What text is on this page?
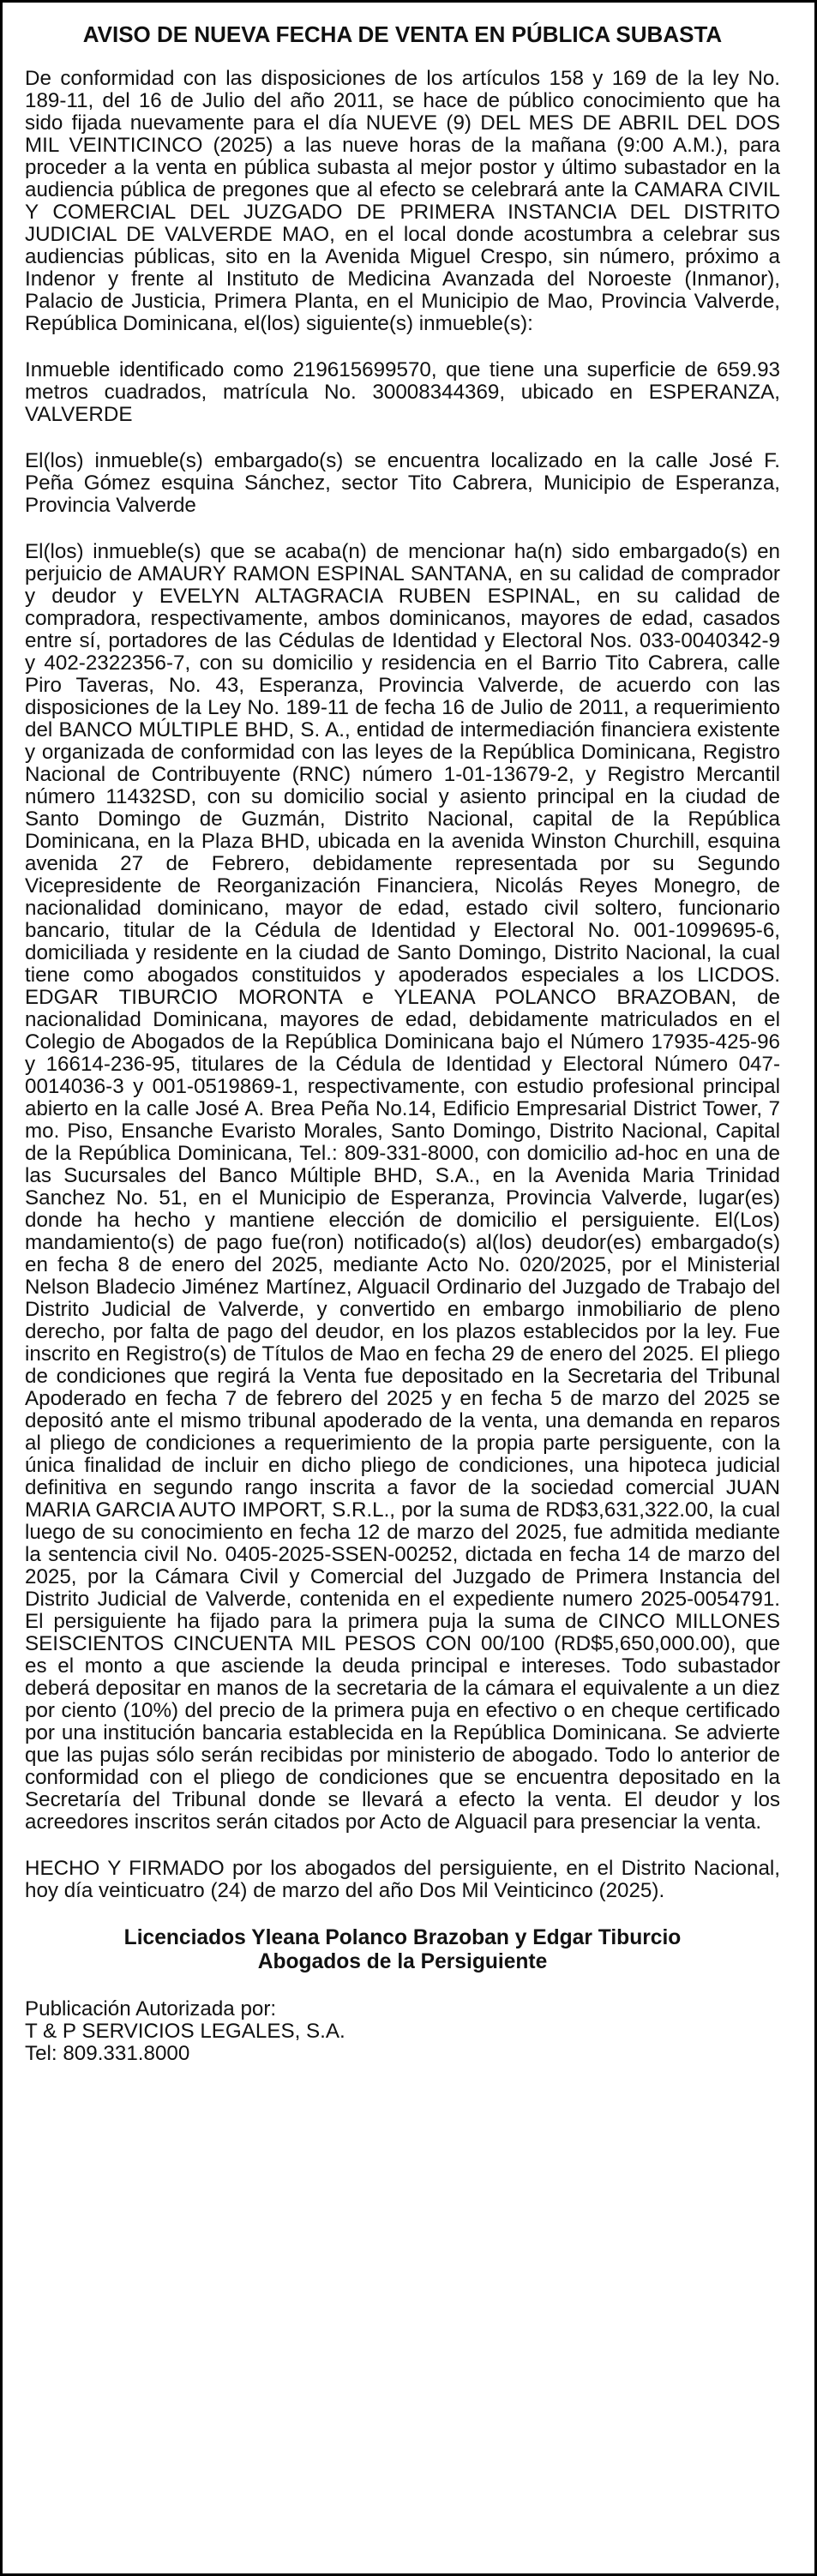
AVISO DE NUEVA FECHA DE VENTA EN PÚBLICA SUBASTA

De conformidad con las disposiciones de los artículos 158 y 169 de la ley No. 189-11, del 16 de Julio del año 2011, se hace de público conocimiento que ha sido fijada nuevamente para el día NUEVE (9) DEL MES DE ABRIL DEL DOS MIL VEINTICINCO (2025) a las nueve horas de la mañana (9:00 A.M.), para proceder a la venta en pública subasta al mejor postor y último subastador en la audiencia pública de pregones que al efecto se celebrará ante la CAMARA CIVIL Y COMERCIAL DEL JUZGADO DE PRIMERA INSTANCIA DEL DISTRITO JUDICIAL DE VALVERDE MAO, en el local donde acostumbra a celebrar sus audiencias públicas, sito en la Avenida Miguel Crespo, sin número, próximo a Indenor y frente al Instituto de Medicina Avanzada del Noroeste (Inmanor), Palacio de Justicia, Primera Planta, en el Municipio de Mao, Provincia Valverde, República Dominicana, el(los) siguiente(s) inmueble(s):

Inmueble identificado como 219615699570, que tiene una superficie de 659.93 metros cuadrados, matrícula No. 30008344369, ubicado en ESPERANZA, VALVERDE

El(los) inmueble(s) embargado(s) se encuentra localizado en la calle José F. Peña Gómez esquina Sánchez, sector Tito Cabrera, Municipio de Esperanza, Provincia Valverde

El(los) inmueble(s) que se acaba(n) de mencionar ha(n) sido embargado(s) en perjuicio de AMAURY RAMON ESPINAL SANTANA, en su calidad de comprador y deudor y EVELYN ALTAGRACIA RUBEN ESPINAL, en su calidad de compradora, respectivamente, ambos dominicanos, mayores de edad, casados entre sí, portadores de las Cédulas de Identidad y Electoral Nos. 033-0040342-9 y 402-2322356-7, con su domicilio y residencia en el Barrio Tito Cabrera, calle Piro Taveras, No. 43, Esperanza, Provincia Valverde, de acuerdo con las disposiciones de la Ley No. 189-11 de fecha 16 de Julio de 2011, a requerimiento del BANCO MÚLTIPLE BHD, S. A., entidad de intermediación financiera existente y organizada de conformidad con las leyes de la República Dominicana, Registro Nacional de Contribuyente (RNC) número 1-01-13679-2, y Registro Mercantil número 11432SD, con su domicilio social y asiento principal en la ciudad de Santo Domingo de Guzmán, Distrito Nacional, capital de la República Dominicana, en la Plaza BHD, ubicada en la avenida Winston Churchill, esquina avenida 27 de Febrero, debidamente representada por su Segundo Vicepresidente de Reorganización Financiera, Nicolás Reyes Monegro, de nacionalidad dominicano, mayor de edad, estado civil soltero, funcionario bancario, titular de la Cédula de Identidad y Electoral No. 001-1099695-6, domiciliada y residente en la ciudad de Santo Domingo, Distrito Nacional, la cual tiene como abogados constituidos y apoderados especiales a los LICDOS. EDGAR TIBURCIO MORONTA e YLEANA POLANCO BRAZOBAN, de nacionalidad Dominicana, mayores de edad, debidamente matriculados en el Colegio de Abogados de la República Dominicana bajo el Número 17935-425-96 y 16614-236-95, titulares de la Cédula de Identidad y Electoral Número 047-0014036-3 y 001-0519869-1, respectivamente, con estudio profesional principal abierto en la calle José A. Brea Peña No.14, Edificio Empresarial District Tower, 7 mo. Piso, Ensanche Evaristo Morales, Santo Domingo, Distrito Nacional, Capital de la República Dominicana, Tel.: 809-331-8000, con domicilio ad-hoc en una de las Sucursales del Banco Múltiple BHD, S.A., en la Avenida Maria Trinidad Sanchez No. 51, en el Municipio de Esperanza, Provincia Valverde, lugar(es) donde ha hecho y mantiene elección de domicilio el persiguiente. El(Los) mandamiento(s) de pago fue(ron) notificado(s) al(los) deudor(es) embargado(s) en fecha 8 de enero del 2025, mediante Acto No. 020/2025, por el Ministerial Nelson Bladecio Jiménez Martínez, Alguacil Ordinario del Juzgado de Trabajo del Distrito Judicial de Valverde, y convertido en embargo inmobiliario de pleno derecho, por falta de pago del deudor, en los plazos establecidos por la ley. Fue inscrito en Registro(s) de Títulos de Mao en fecha 29 de enero del 2025. El pliego de condiciones que regirá la Venta fue depositado en la Secretaria del Tribunal Apoderado en fecha 7 de febrero del 2025 y en fecha 5 de marzo del 2025 se depositó ante el mismo tribunal apoderado de la venta, una demanda en reparos al pliego de condiciones a requerimiento de la propia parte persiguente, con la única finalidad de incluir en dicho pliego de condiciones, una hipoteca judicial definitiva en segundo rango inscrita a favor de la sociedad comercial JUAN MARIA GARCIA AUTO IMPORT, S.R.L., por la suma de RD$3,631,322.00, la cual luego de su conocimiento en fecha 12 de marzo del 2025, fue admitida mediante la sentencia civil No. 0405-2025-SSEN-00252, dictada en fecha 14 de marzo del 2025, por la Cámara Civil y Comercial del Juzgado de Primera Instancia del Distrito Judicial de Valverde, contenida en el expediente numero 2025-0054791. El persiguiente ha fijado para la primera puja la suma de CINCO MILLONES SEISCIENTOS CINCUENTA MIL PESOS CON 00/100 (RD$5,650,000.00), que es el monto a que asciende la deuda principal e intereses. Todo subastador deberá depositar en manos de la secretaria de la cámara el equivalente a un diez por ciento (10%) del precio de la primera puja en efectivo o en cheque certificado por una institución bancaria establecida en la República Dominicana. Se advierte que las pujas sólo serán recibidas por ministerio de abogado. Todo lo anterior de conformidad con el pliego de condiciones que se encuentra depositado en la Secretaría del Tribunal donde se llevará a efecto la venta. El deudor y los acreedores inscritos serán citados por Acto de Alguacil para presenciar la venta.

HECHO Y FIRMADO por los abogados del persiguiente, en el Distrito Nacional, hoy día veinticuatro (24) de marzo del año Dos Mil Veinticinco (2025).

Licenciados Yleana Polanco Brazoban y Edgar Tiburcio
Abogados de la Persiguiente
Publicación Autorizada por:
T & P SERVICIOS LEGALES, S.A.
Tel: 809.331.8000
